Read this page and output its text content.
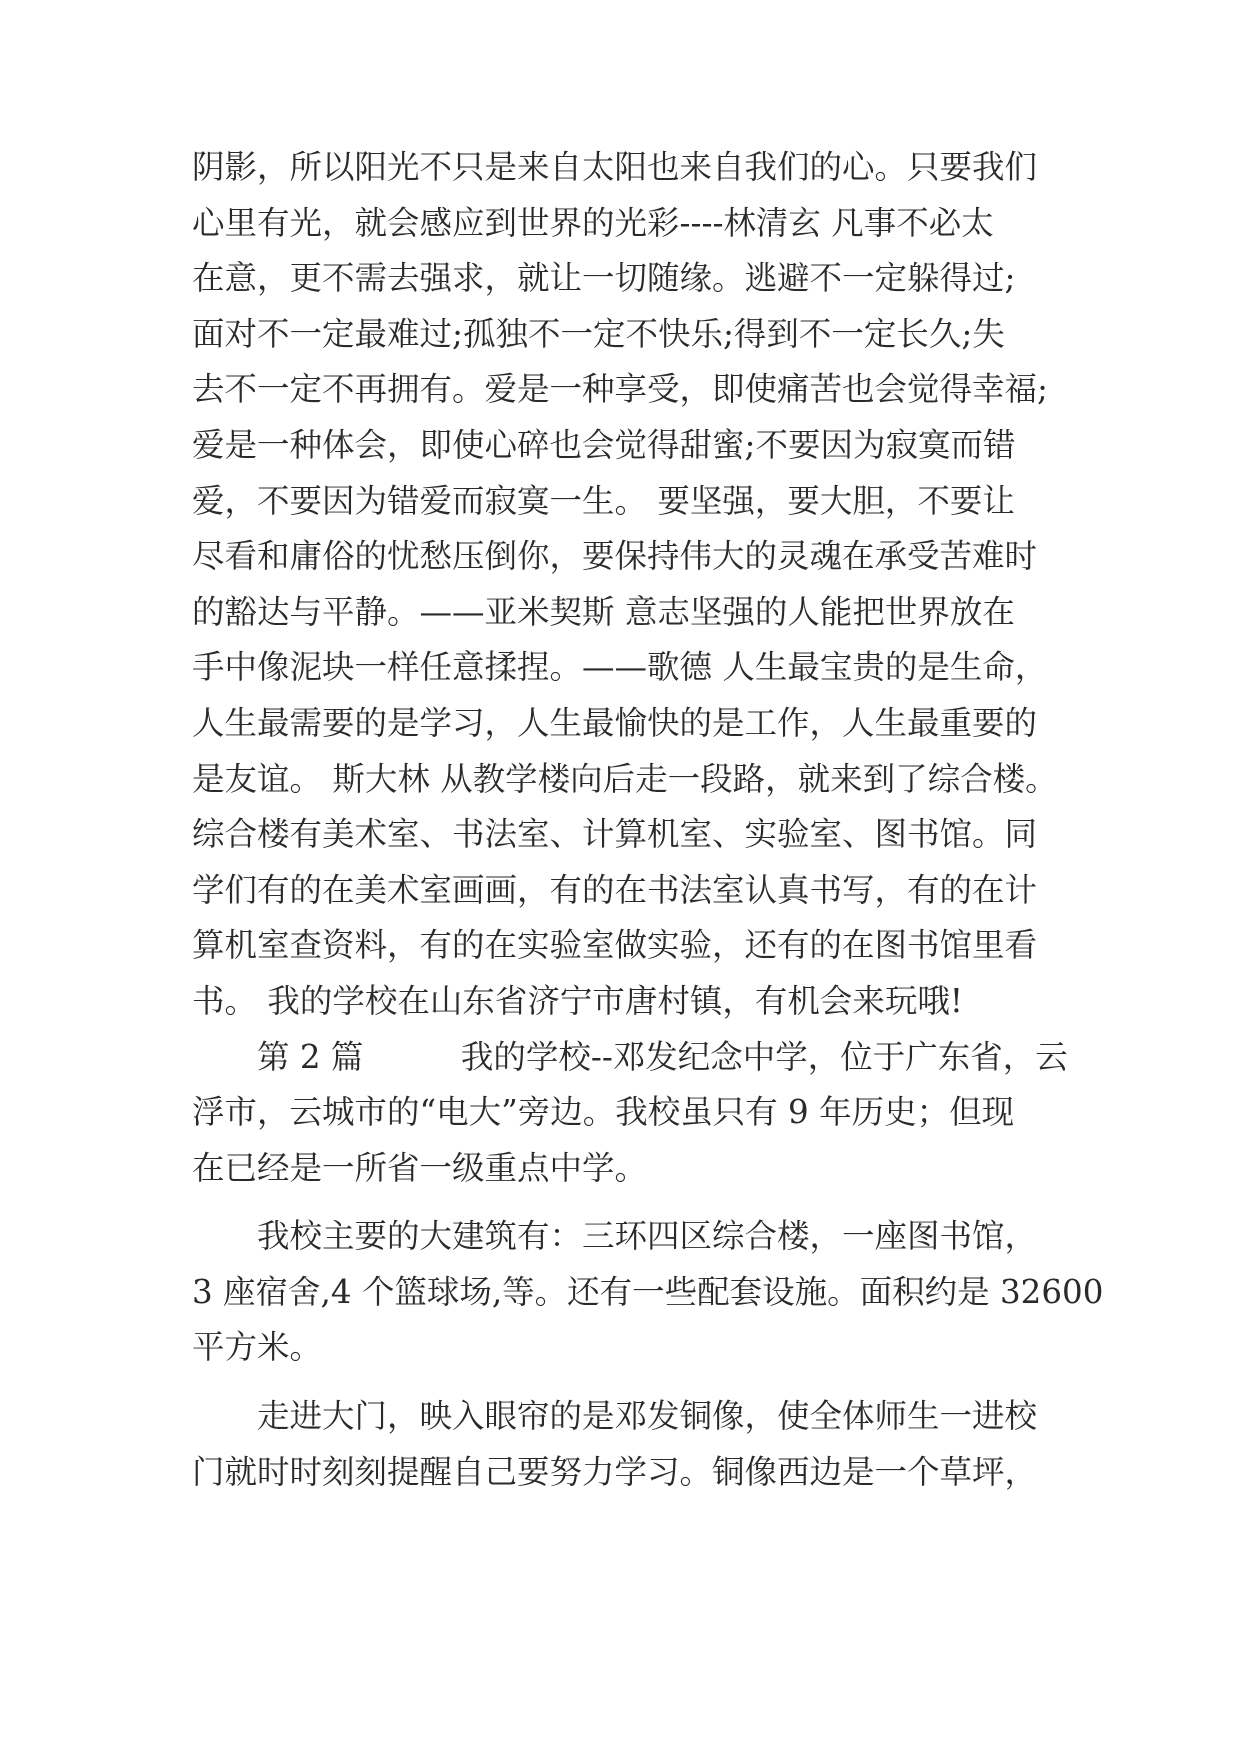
阴影，所以阳光不只是来自太阳也来自我们的心。只要我们
心里有光，就会感应到世界的光彩----林清玄 凡事不必太
在意，更不需去强求，就让一切随缘。逃避不一定躲得过;
面对不一定最难过;孤独不一定不快乐;得到不一定长久;失
去不一定不再拥有。爱是一种享受，即使痛苦也会觉得幸福;
爱是一种体会，即使心碎也会觉得甜蜜;不要因为寂寞而错
爱，不要因为错爱而寂寞一生。 要坚强，要大胆，不要让
尽看和庸俗的忧愁压倒你，要保持伟大的灵魂在承受苦难时
的豁达与平静。——亚米契斯 意志坚强的人能把世界放在
手中像泥块一样任意揉捏。——歌德 人生最宝贵的是生命，
人生最需要的是学习，人生最愉快的是工作，人生最重要的
是友谊。 斯大林 从教学楼向后走一段路，就来到了综合楼。
综合楼有美术室、书法室、计算机室、实验室、图书馆。同
学们有的在美术室画画，有的在书法室认真书写，有的在计
算机室查资料，有的在实验室做实验，还有的在图书馆里看
书。 我的学校在山东省济宁市唐村镇，有机会来玩哦!
　　第 2 篇　　　我的学校--邓发纪念中学，位于广东省，云
浮市，云城市的“电大”旁边。我校虽只有 9 年历史；但现
在已经是一所省一级重点中学。
　　我校主要的大建筑有：三环四区综合楼，一座图书馆，
3 座宿舍,4 个篮球场,等。还有一些配套设施。面积约是 32600
平方米。
　　走进大门，映入眼帘的是邓发铜像，使全体师生一进校
门就时时刻刻提醒自己要努力学习。铜像西边是一个草坪，
